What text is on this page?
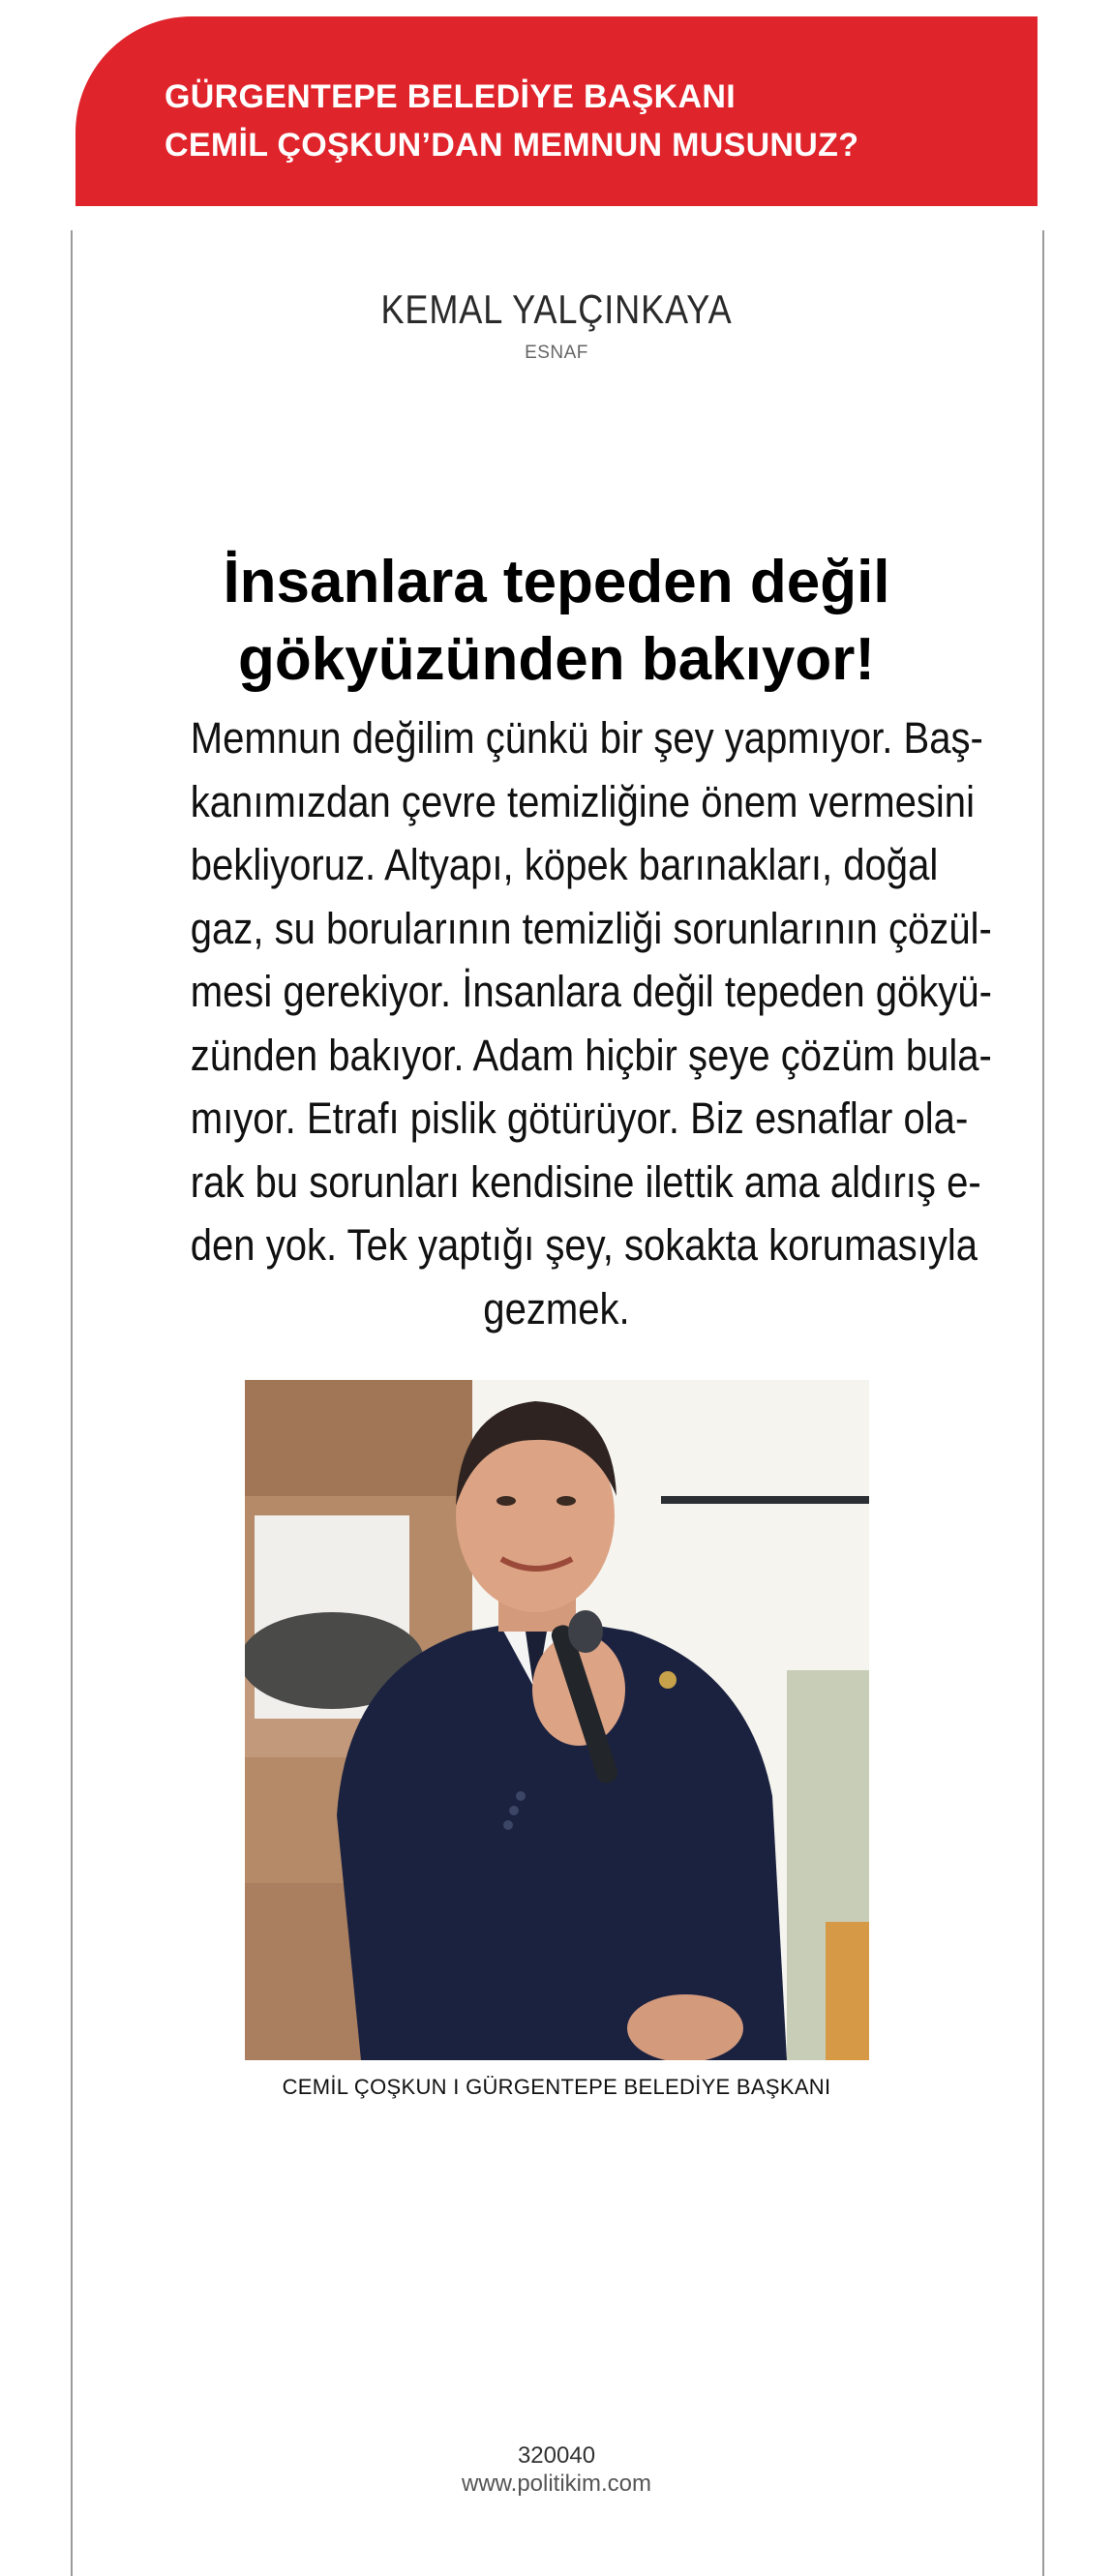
GÜRGENTEPE BELEDİYE BAŞKANI
CEMİL ÇOŞKUN’DAN MEMNUN MUSUNUZ?
KEMAL YALÇINKAYA
ESNAF
İnsanlara tepeden değil
gökyüzünden bakıyor!
Memnun değilim çünkü bir şey yapmıyor. Baş-
kanımızdan çevre temizliğine önem vermesini
bekliyoruz. Altyapı, köpek barınakları, doğal
gaz, su borularının temizliği sorunlarının çözül-
mesi gerekiyor. İnsanlara değil tepeden gökyü-
zünden bakıyor. Adam hiçbir şeye çözüm bula-
mıyor. Etrafı pislik götürüyor. Biz esnaflar ola-
rak bu sorunları kendisine ilettik ama aldırış e-
den yok. Tek yaptığı şey, sokakta korumasıyla
gezmek.
CEMİL ÇOŞKUN I GÜRGENTEPE BELEDİYE BAŞKANI
320040
www.politikim.com
